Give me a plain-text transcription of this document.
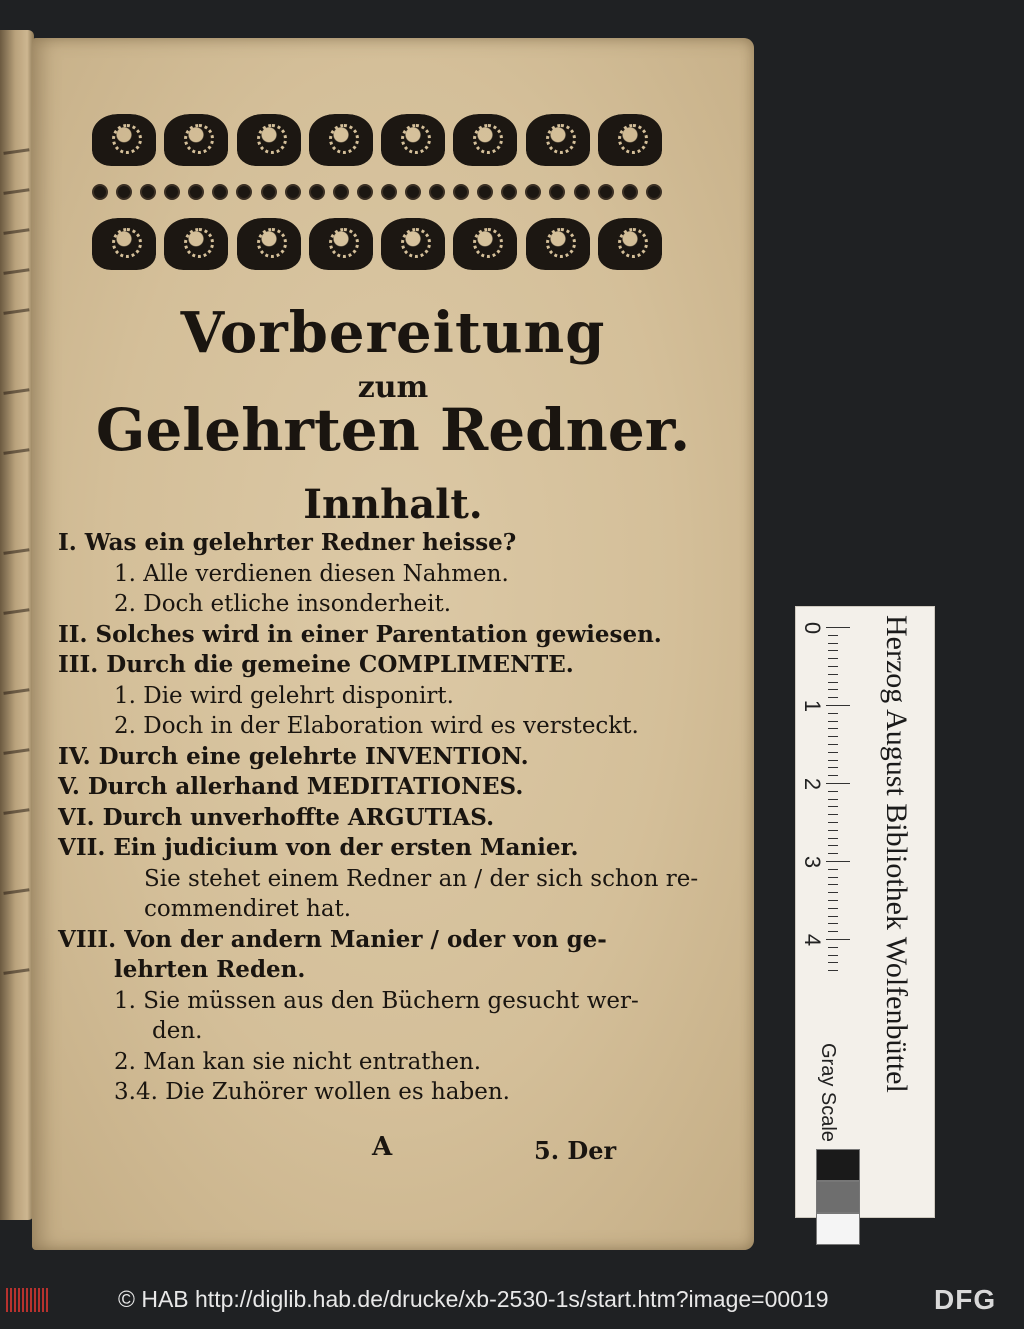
Vorbereitung
zum
Gelehrten Redner.
Innhalt.
I. Was ein gelehrter Redner heisse?
1. Alle verdienen diesen Nahmen.
2. Doch etliche insonderheit.
II. Solches wird in einer Parentation gewiesen.
III. Durch die gemeine COMPLIMENTE.
1. Die wird gelehrt disponirt.
2. Doch in der Elaboration wird es versteckt.
IV. Durch eine gelehrte INVENTION.
V. Durch allerhand MEDITATIONES.
VI. Durch unverhoffte ARGUTIAS.
VII. Ein judicium von der ersten Manier.
Sie stehet einem Redner an / der sich schon re-
commendiret hat.
VIII. Von der andern Manier / oder von ge-
lehrten Reden.
1. Sie müssen aus den Büchern gesucht wer-
den.
2. Man kan sie nicht entrathen.
3.4. Die Zuhörer wollen es haben.
A	5. Der
0
1
2
3
4 Herzog August Bibliothek Wolfenbüttel
Gray Scale
© HAB http://diglib.hab.de/drucke/xb-2530-1s/start.htm?image=00019	DFG
